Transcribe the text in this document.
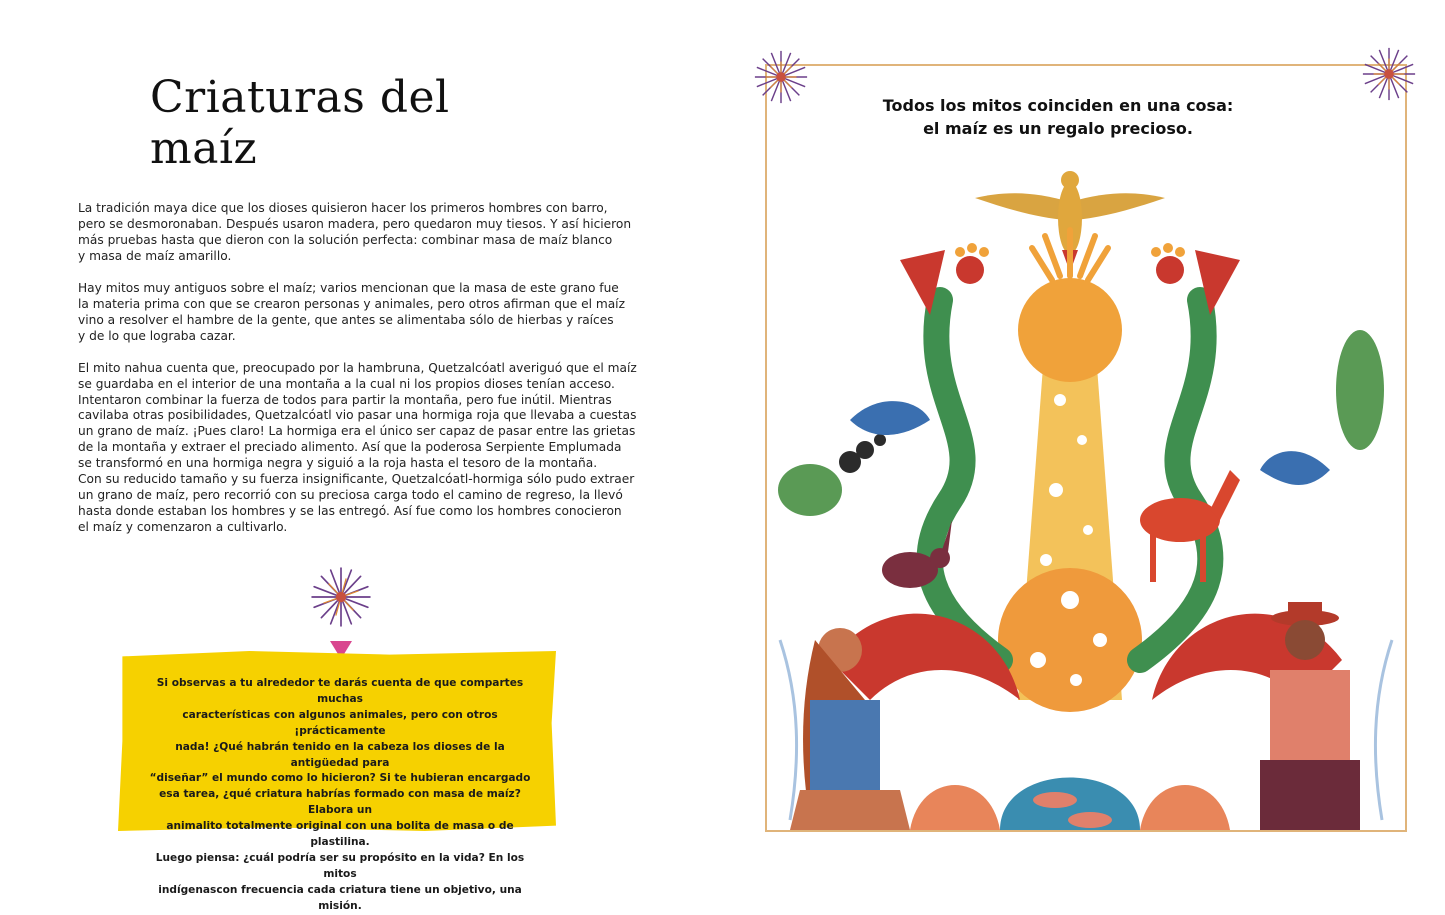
Criaturas del maíz

La tradición maya dice que los dioses quisieron hacer los primeros hombres con barro,
pero se desmoronaban. Después usaron madera, pero quedaron muy tiesos. Y así hicieron
más pruebas hasta que dieron con la solución perfecta: combinar masa de maíz blanco
y masa de maíz amarillo.

Hay mitos muy antiguos sobre el maíz; varios mencionan que la masa de este grano fue
la materia prima con que se crearon personas y animales, pero otros afirman que el maíz
vino a resolver el hambre de la gente, que antes se alimentaba sólo de hierbas y raíces
y de lo que lograba cazar.

El mito nahua cuenta que, preocupado por la hambruna, Quetzalcóatl averiguó que el maíz
se guardaba en el interior de una montaña a la cual ni los propios dioses tenían acceso.
Intentaron combinar la fuerza de todos para partir la montaña, pero fue inútil. Mientras
cavilaba otras posibilidades, Quetzalcóatl vio pasar una hormiga roja que llevaba a cuestas
un grano de maíz. ¡Pues claro! La hormiga era el único ser capaz de pasar entre las grietas
de la montaña y extraer el preciado alimento. Así que la poderosa Serpiente Emplumada
se transformó en una hormiga negra y siguió a la roja hasta el tesoro de la montaña.
Con su reducido tamaño y su fuerza insignificante, Quetzalcóatl-hormiga sólo pudo extraer
un grano de maíz, pero recorrió con su preciosa carga todo el camino de regreso, la llevó
hasta donde estaban los hombres y se las entregó. Así fue como los hombres conocieron
el maíz y comenzaron a cultivarlo.

Si observas a tu alrededor te darás cuenta de que compartes muchas
características con algunos animales, pero con otros ¡prácticamente
nada! ¿Qué habrán tenido en la cabeza los dioses de la antigüedad para
“diseñar” el mundo como lo hicieron? Si te hubieran encargado
esa tarea, ¿qué criatura habrías formado con masa de maíz? Elabora un
animalito totalmente original con una bolita de masa o de plastilina.
Luego piensa: ¿cuál podría ser su propósito en la vida? En los mitos
indígenascon frecuencia cada criatura tiene un objetivo, una misión.
Todos los mitos coinciden en una cosa:
el maíz es un regalo precioso.
